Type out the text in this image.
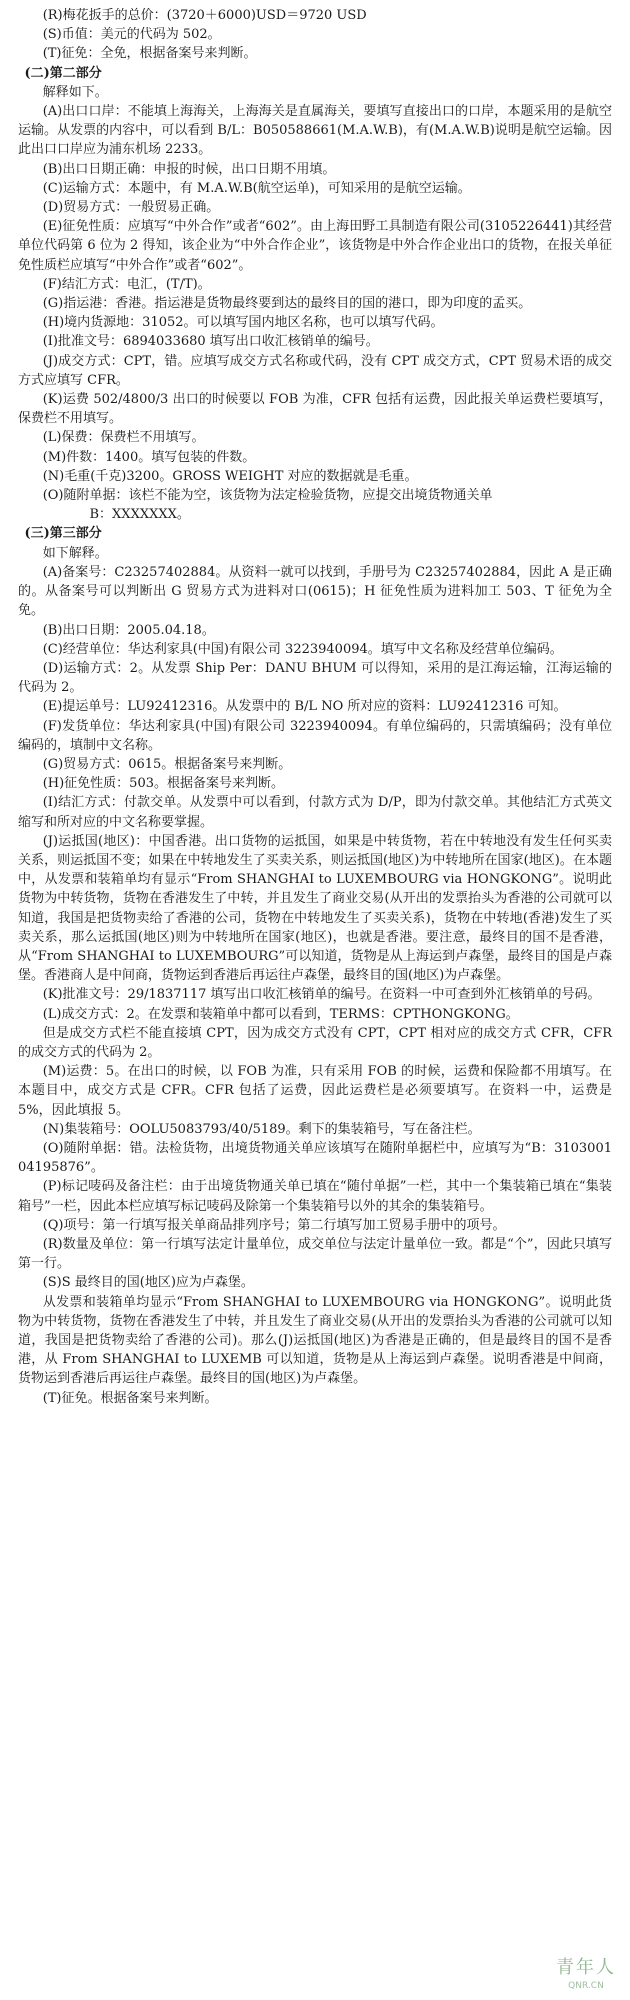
(R)梅花扳手的总价：(3720＋6000)USD＝9720 USD

(S)币值：美元的代码为 502。

(T)征免：全免，根据备案号来判断。

(二)第二部分

解释如下。

(A)出口口岸：不能填上海海关，上海海关是直属海关，要填写直接出口的口岸，本题采用的是航空运输。从发票的内容中，可以看到 B/L：B050588661(M.A.W.B)，有(M.A.W.B)说明是航空运输。因此出口口岸应为浦东机场 2233。

(B)出口日期正确：申报的时候，出口日期不用填。

(C)运输方式：本题中，有 M.A.W.B(航空运单)，可知采用的是航空运输。

(D)贸易方式：一般贸易正确。

(E)征免性质：应填写“中外合作”或者“602”。由上海田野工具制造有限公司(3105226441)其经营单位代码第 6 位为 2 得知，该企业为“中外合作企业”，该货物是中外合作企业出口的货物，在报关单征免性质栏应填写“中外合作”或者“602”。

(F)结汇方式：电汇，(T/T)。

(G)指运港：香港。指运港是货物最终要到达的最终目的国的港口，即为印度的孟买。

(H)境内货源地：31052。可以填写国内地区名称，也可以填写代码。

(I)批准文号：6894033680 填写出口收汇核销单的编号。

(J)成交方式：CPT，错。应填写成交方式名称或代码，没有 CPT 成交方式，CPT 贸易术语的成交方式应填写 CFR。

(K)运费 502/4800/3 出口的时候要以 FOB 为准，CFR 包括有运费，因此报关单运费栏要填写，保费栏不用填写。

(L)保费：保费栏不用填写。

(M)件数：1400。填写包装的件数。

(N)毛重(千克)3200。GROSS WEIGHT 对应的数据就是毛重。

(O)随附单据：该栏不能为空，该货物为法定检验货物，应提交出境货物通关单

B：XXXXXXX。

(三)第三部分

如下解释。

(A)备案号：C23257402884。从资料一就可以找到，手册号为 C23257402884，因此 A 是正确的。从备案号可以判断出 G 贸易方式为进料对口(0615)；H 征免性质为进料加工 503、T 征免为全免。

(B)出口日期：2005.04.18。

(C)经营单位：华达利家具(中国)有限公司 3223940094。填写中文名称及经营单位编码。

(D)运输方式：2。从发票 Ship Per：DANU BHUM 可以得知，采用的是江海运输，江海运输的代码为 2。

(E)提运单号：LU92412316。从发票中的 B/L NO 所对应的资料：LU92412316 可知。

(F)发货单位：华达利家具(中国)有限公司 3223940094。有单位编码的，只需填编码；没有单位编码的，填制中文名称。

(G)贸易方式：0615。根据备案号来判断。

(H)征免性质：503。根据备案号来判断。

(I)结汇方式：付款交单。从发票中可以看到，付款方式为 D/P，即为付款交单。其他结汇方式英文缩写和所对应的中文名称要掌握。

(J)运抵国(地区)：中国香港。出口货物的运抵国，如果是中转货物，若在中转地没有发生任何买卖关系，则运抵国不变；如果在中转地发生了买卖关系，则运抵国(地区)为中转地所在国家(地区)。在本题中，从发票和装箱单均有显示“From SHANGHAI to LUXEMBOURG via HONGKONG”。说明此货物为中转货物，货物在香港发生了中转，并且发生了商业交易(从开出的发票抬头为香港的公司就可以知道，我国是把货物卖给了香港的公司，货物在中转地发生了买卖关系)，货物在中转地(香港)发生了买卖关系，那么运抵国(地区)则为中转地所在国家(地区)，也就是香港。要注意，最终目的国不是香港，从“From SHANGHAI to LUXEMBOURG”可以知道，货物是从上海运到卢森堡，最终目的国是卢森堡。香港商人是中间商，货物运到香港后再运往卢森堡，最终目的国(地区)为卢森堡。

(K)批准文号：29/1837117 填写出口收汇核销单的编号。在资料一中可查到外汇核销单的号码。

(L)成交方式：2。在发票和装箱单中都可以看到，TERMS：CPTHONGKONG。

但是成交方式栏不能直接填 CPT，因为成交方式没有 CPT，CPT 相对应的成交方式 CFR，CFR 的成交方式的代码为 2。

(M)运费：5。在出口的时候，以 FOB 为准，只有采用 FOB 的时候，运费和保险都不用填写。在本题目中，成交方式是 CFR。CFR 包括了运费，因此运费栏是必须要填写。在资料一中，运费是 5%，因此填报 5。

(N)集装箱号：OOLU5083793/40/5189。剩下的集装箱号，写在备注栏。

(O)随附单据：错。法检货物，出境货物通关单应该填写在随附单据栏中，应填写为“B：310300104195876”。

(P)标记唛码及备注栏：由于出境货物通关单已填在“随付单据”一栏，其中一个集装箱已填在“集装箱号”一栏，因此本栏应填写标记唛码及除第一个集装箱号以外的其余的集装箱号。

(Q)项号：第一行填写报关单商品排列序号；第二行填写加工贸易手册中的项号。

(R)数量及单位：第一行填写法定计量单位，成交单位与法定计量单位一致。都是“个”，因此只填写第一行。

(S)S 最终目的国(地区)应为卢森堡。

从发票和装箱单均显示“From SHANGHAI to LUXEMBOURG via HONGKONG”。说明此货物为中转货物，货物在香港发生了中转，并且发生了商业交易(从开出的发票抬头为香港的公司就可以知道，我国是把货物卖给了香港的公司)。那么(J)运抵国(地区)为香港是正确的，但是最终目的国不是香港，从 From SHANGHAI to LUXEMB 可以知道，货物是从上海运到卢森堡。说明香港是中间商，货物运到香港后再运往卢森堡。最终目的国(地区)为卢森堡。

(T)征免。根据备案号来判断。

青年人
QNR.CN
